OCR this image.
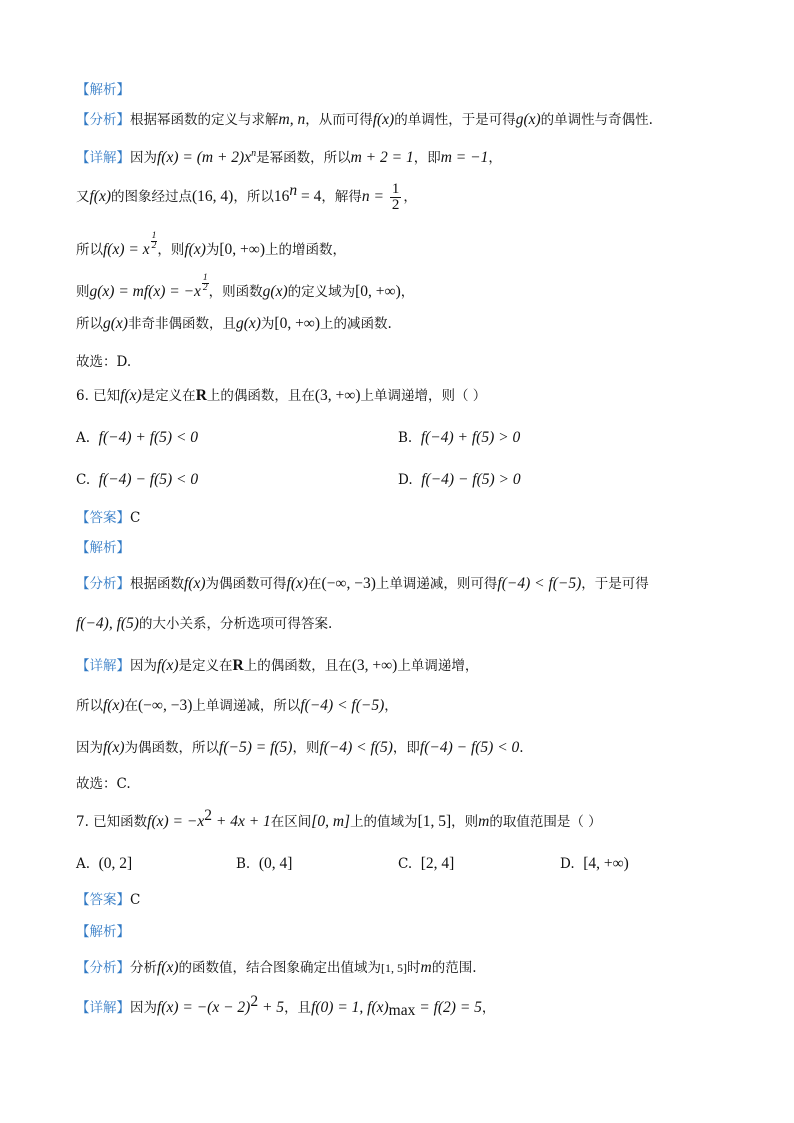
【解析】
【分析】根据幂函数的定义与求解m, n，从而可得f(x)的单调性，于是可得g(x)的单调性与奇偶性.
【详解】因为$f(x) = (m + 2)x^n$是幂函数，所以m + 2 = 1，即m = −1，
又f(x)的图象经过点(16, 4)，所以$16^n = 4$，解得$n = \frac{1}{2}$ ，
所以f(x) = x $\frac{1}{2}$ ，则f(x)为[0, +∞)上的增函数，
则$g(x) = mf(x) = -x \frac{1}{2}$ ，则函数g(x)的定义域为[0, +∞)，
所以g(x)非奇非偶函数，且g(x)为[0, +∞)上的减函数.
故选：D.
6. 已知f(x)是定义在R上的偶函数，且在(3, +∞)上单调递增，则（ ）
A. f(−4) + f(5) < 0	B. f(−4) + f(5) > 0
C. f(−4) − f(5) < 0	D. f(−4) − f(5) > 0
【答案】C
【解析】
【分析】根据函数f(x)为偶函数可得f(x)在(−∞, −3)上单调递减，则可得f(−4) < f(−5)，于是可得
f(−4), f(5)的大小关系，分析选项可得答案.
【详解】因为f(x)是定义在R上的偶函数，且在(3, +∞)上单调递增，
所以f(x)在(−∞, −3)上单调递减，所以f(−4) < f(−5)，
因为f(x)为偶函数，所以f(−5) = f(5)，则f(−4) < f(5)，即f(−4) − f(5) < 0.
故选：C.
7. 已知函数$f(x) = -x^2 + 4x + 1$在区间[0, m]上的值域为[1, 5]，则m的取值范围是（ ）
A. (0, 2]	B. (0, 4]	C. [2, 4]	D. [4, +∞)
【答案】C
【解析】
【分析】分析f(x)的函数值，结合图象确定出值域为[1, 5]时m的范围.
【详解】因为$f(x) = -(x - 2)^2 + 5$，且f(0) = 1, $f(x)_{max} = f(2) = 5$，
